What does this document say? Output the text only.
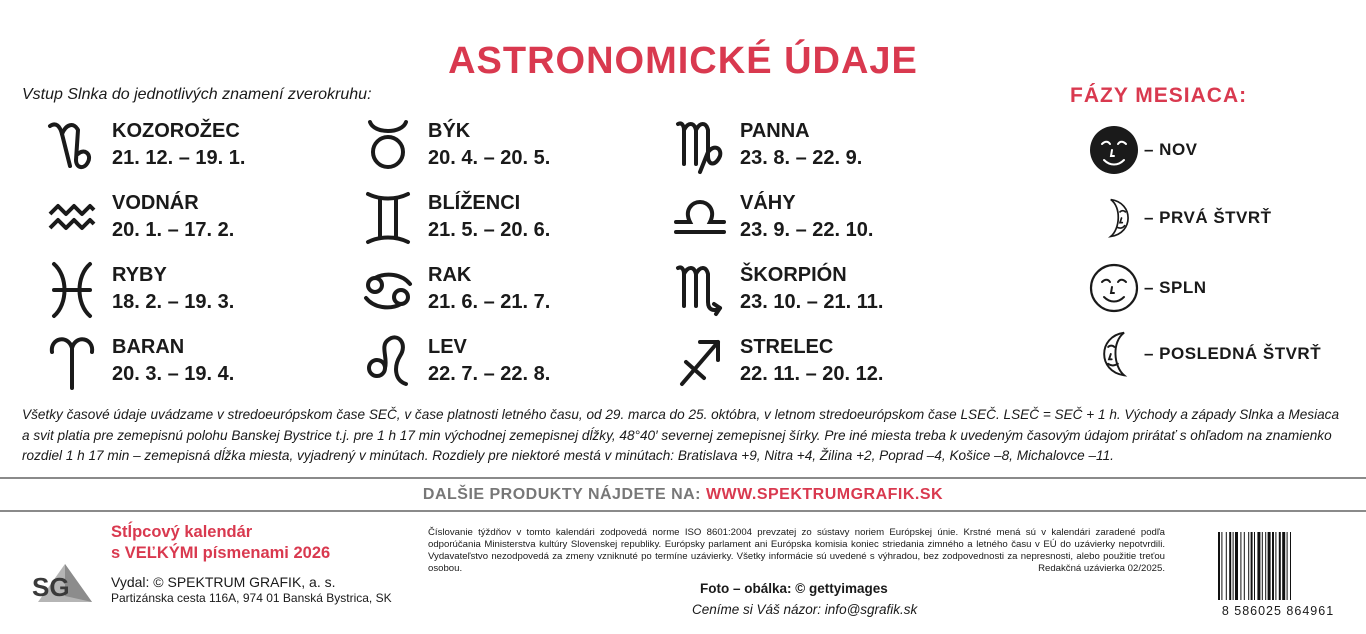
ASTRONOMICKÉ ÚDAJE
Vstup Slnka do jednotlivých znamení zverokruhu:	FÁZY MESIACA:
KOZOROŽEC
21. 12. – 19. 1.
VODNÁR
20. 1. – 17. 2.
RYBY
18. 2. – 19. 3.
BARAN
20. 3. – 19. 4.
BÝK
20. 4. – 20. 5.
BLÍŽENCI
21. 5. – 20. 6.
RAK
21. 6. – 21. 7.
LEV
22. 7. – 22. 8.
PANNA
23. 8. – 22. 9.
VÁHY
23. 9. – 22. 10.
ŠKORPIÓN
23. 10. – 21. 11.
STRELEC
22. 11. – 20. 12.
– NOV
– PRVÁ ŠTVRŤ
– SPLN
– POSLEDNÁ ŠTVRŤ
Všetky časové údaje uvádzame v stredoeurópskom čase SEČ, v čase platnosti letného času, od 29. marca do 25. októbra, v letnom stredoeurópskom čase LSEČ. LSEČ = SEČ + 1 h. Východy a západy Slnka a Mesiaca a svit platia pre zemepisnú polohu Banskej Bystrice t.j. pre 1 h 17 min východnej zemepisnej dĺžky, 48°40′ severnej zemepisnej šírky. Pre iné miesta treba k uvedeným časovým údajom prirátať s ohľadom na znamienko rozdiel 1 h 17 min – zemepisná dĺžka miesta, vyjadrený v minútach. Rozdiely pre niektoré mestá v minútach: Bratislava +9, Nitra +4, Žilina +2, Poprad –4, Košice –8, Michalovce –11.
DALŠIE PRODUKTY NÁJDETE NA: WWW.SPEKTRUMGRAFIK.SK
Stĺpcový kalendár
s VEĽKÝMI písmenami 2026
SG	Vydal: © SPEKTRUM GRAFIK, a. s.
Partizánska cesta 116A, 974 01 Banská Bystrica, SK
Číslovanie týždňov v tomto kalendári zodpovedá norme ISO 8601:2004 prevzatej zo sústavy noriem Európskej únie. Krstné mená sú v kalendári zaradené podľa odporúčania Ministerstva kultúry Slovenskej republiky. Európsky parlament ani Európska komisia koniec striedania zimného a letného času v EÚ do uzávierky nepotvrdili. Vydavateľstvo nezodpovedá za zmeny vzniknuté po termíne uzávierky. Všetky informácie sú uvedené s výhradou, bez zodpovednosti za nepresnosti, alebo použitie treťou osobou.	Redakčná uzávierka 02/2025.
Foto – obálka: © gettyimages
Ceníme si Váš názor: info@sgrafik.sk	8 586025 864961
